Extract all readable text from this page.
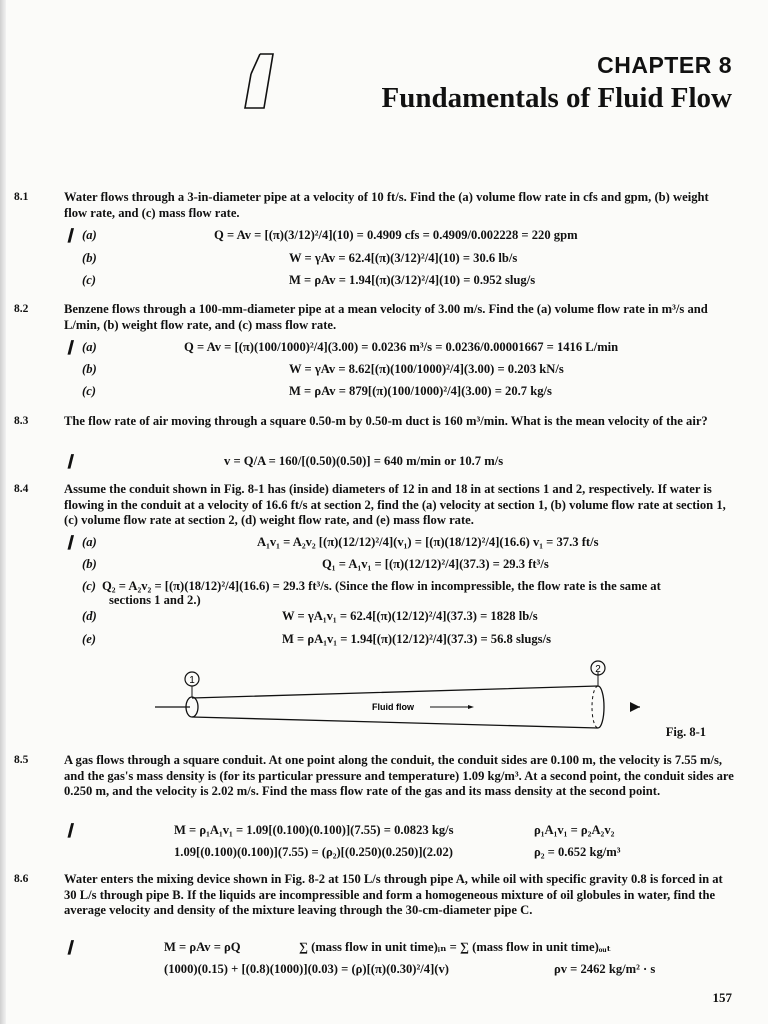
CHAPTER 8
Fundamentals of Fluid Flow
8.1	Water flows through a 3-in-diameter pipe at a velocity of 10 ft/s. Find the (a) volume flow rate in cfs and gpm, (b) weight flow rate, and (c) mass flow rate.
❙ (a)	Q = Av = [(π)(3/12)²/4](10) = 0.4909 cfs = 0.4909/0.002228 = 220 gpm
(b)	W = γAv = 62.4[(π)(3/12)²/4](10) = 30.6 lb/s
(c)	M = ρAv = 1.94[(π)(3/12)²/4](10) = 0.952 slug/s
8.2	Benzene flows through a 100-mm-diameter pipe at a mean velocity of 3.00 m/s. Find the (a) volume flow rate in m³/s and L/min, (b) weight flow rate, and (c) mass flow rate.
❙ (a)	Q = Av = [(π)(100/1000)²/4](3.00) = 0.0236 m³/s = 0.0236/0.00001667 = 1416 L/min
(b)	W = γAv = 8.62[(π)(100/1000)²/4](3.00) = 0.203 kN/s
(c)	M = ρAv = 879[(π)(100/1000)²/4](3.00) = 20.7 kg/s
8.3	The flow rate of air moving through a square 0.50-m by 0.50-m duct is 160 m³/min. What is the mean velocity of the air?
❙	v = Q/A = 160/[(0.50)(0.50)] = 640 m/min or 10.7 m/s
8.4	Assume the conduit shown in Fig. 8-1 has (inside) diameters of 12 in and 18 in at sections 1 and 2, respectively. If water is flowing in the conduit at a velocity of 16.6 ft/s at section 2, find the (a) velocity at section 1, (b) volume flow rate at section 1, (c) volume flow rate at section 2, (d) weight flow rate, and (e) mass flow rate.
❙ (a)	A₁v₁ = A₂v₂ [(π)(12/12)²/4](v₁) = [(π)(18/12)²/4](16.6) v₁ = 37.3 ft/s
(b)	Q₁ = A₁v₁ = [(π)(12/12)²/4](37.3) = 29.3 ft³/s
(c) Q₂ = A₂v₂ = [(π)(18/12)²/4](16.6) = 29.3 ft³/s. (Since the flow in incompressible, the flow rate is the same at
sections 1 and 2.)
(d)	W = γA₁v₁ = 62.4[(π)(12/12)²/4](37.3) = 1828 lb/s
(e)	M = ρA₁v₁ = 1.94[(π)(12/12)²/4](37.3) = 56.8 slugs/s
1
2
Fluid flow
Fig. 8-1
8.5	A gas flows through a square conduit. At one point along the conduit, the conduit sides are 0.100 m, the velocity is 7.55 m/s, and the gas's mass density is (for its particular pressure and temperature) 1.09 kg/m³. At a second point, the conduit sides are 0.250 m, and the velocity is 2.02 m/s. Find the mass flow rate of the gas and its mass density at the second point.
❙	M = ρ₁A₁v₁ = 1.09[(0.100)(0.100)](7.55) = 0.0823 kg/s	ρ₁A₁v₁ = ρ₂A₂v₂
1.09[(0.100)(0.100)](7.55) = (ρ₂)[(0.250)(0.250)](2.02)	ρ₂ = 0.652 kg/m³
8.6	Water enters the mixing device shown in Fig. 8-2 at 150 L/s through pipe A, while oil with specific gravity 0.8 is forced in at 30 L/s through pipe B. If the liquids are incompressible and form a homogeneous mixture of oil globules in water, find the average velocity and density of the mixture leaving through the 30-cm-diameter pipe C.
❙	M = ρAv = ρQ	∑ (mass flow in unit time)ᵢₙ = ∑ (mass flow in unit time)ₒᵤₜ
(1000)(0.15) + [(0.8)(1000)](0.03) = (ρ)[(π)(0.30)²/4](v)	ρv = 2462 kg/m² · s
157
